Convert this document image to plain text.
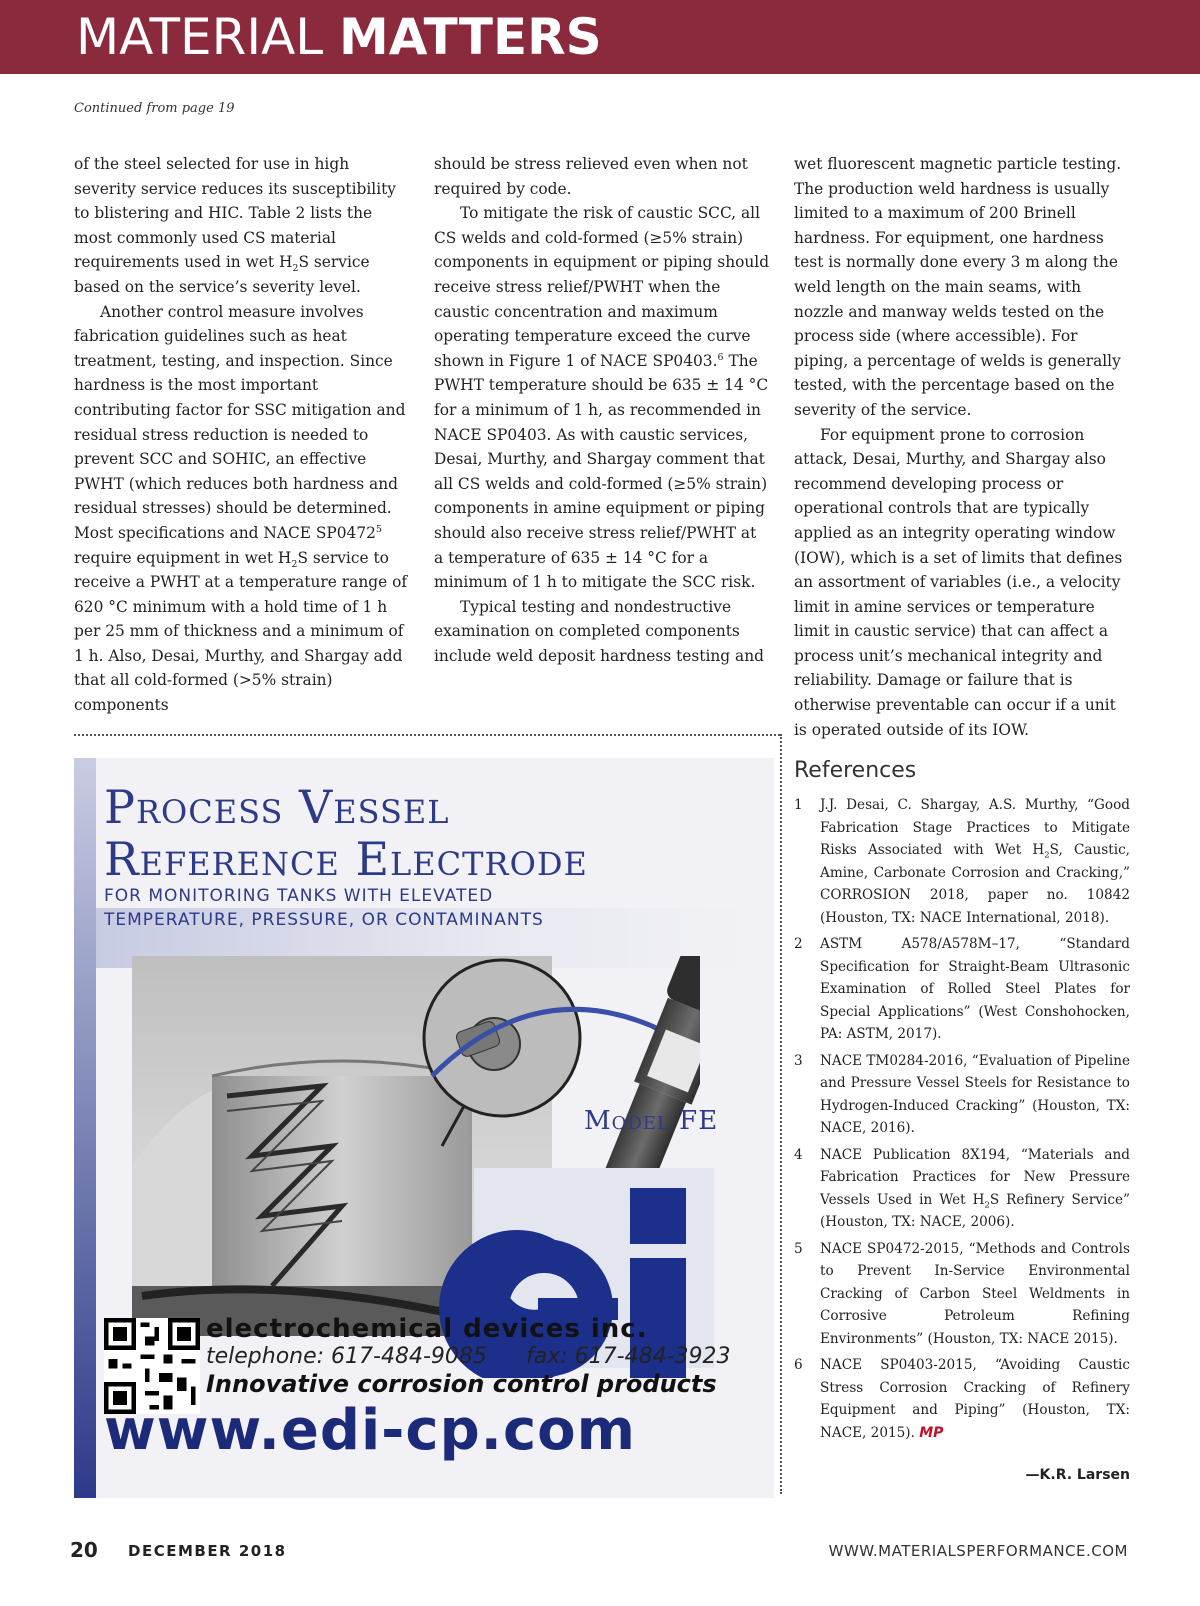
MATERIAL MATTERS
Continued from page 19

of the steel selected for use in high severity service reduces its susceptibility to blistering and HIC. Table 2 lists the most commonly used CS material requirements used in wet $H_2S$ service based on the service’s severity level.

Another control measure involves fabrication guidelines such as heat treatment, testing, and inspection. Since hardness is the most important contributing factor for SSC mitigation and residual stress reduction is needed to prevent SCC and SOHIC, an effective PWHT (which reduces both hardness and residual stresses) should be determined. Most specifications and NACE SP0472$^5$ require equipment in wet $H_2S$ service to receive a PWHT at a temperature range of 620 °C minimum with a hold time of 1 h per 25 mm of thickness and a minimum of 1 h. Also, Desai, Murthy, and Shargay add that all cold-formed (>5% strain) components

should be stress relieved even when not required by code.

To mitigate the risk of caustic SCC, all CS welds and cold-formed (≥5% strain) components in equipment or piping should receive stress relief/PWHT when the caustic concentration and maximum operating temperature exceed the curve shown in Figure 1 of NACE SP0403.$^6$ The PWHT temperature should be 635 ± 14 °C for a minimum of 1 h, as recommended in NACE SP0403. As with caustic services, Desai, Murthy, and Shargay comment that all CS welds and cold-formed (≥5% strain) components in amine equipment or piping should also receive stress relief/PWHT at a temperature of 635 ± 14 °C for a minimum of 1 h to mitigate the SCC risk.

Typical testing and nondestructive examination on completed components include weld deposit hardness testing and

wet fluorescent magnetic particle testing. The production weld hardness is usually limited to a maximum of 200 Brinell hardness. For equipment, one hardness test is normally done every 3 m along the weld length on the main seams, with nozzle and manway welds tested on the process side (where accessible). For piping, a percentage of welds is generally tested, with the percentage based on the severity of the service.

For equipment prone to corrosion attack, Desai, Murthy, and Shargay also recommend developing process or operational controls that are typically applied as an integrity operating window (IOW), which is a set of limits that defines an assortment of variables (i.e., a velocity limit in amine services or temperature limit in caustic service) that can affect a process unit’s mechanical integrity and reliability. Damage or failure that is otherwise preventable can occur if a unit is operated outside of its IOW.

References
1 J.J. Desai, C. Shargay, A.S. Murthy, “Good Fabrication Stage Practices to Mitigate Risks Associated with Wet $H_2S$, Caustic, Amine, Carbonate Corrosion and Cracking,” CORROSION 2018, paper no. 10842 (Houston, TX: NACE International, 2018).
2 ASTM A578/A578M–17, “Standard Specification for Straight-Beam Ultrasonic Examination of Rolled Steel Plates for Special Applications” (West Conshohocken, PA: ASTM, 2017).
3 NACE TM0284-2016, “Evaluation of Pipeline and Pressure Vessel Steels for Resistance to Hydrogen-Induced Cracking” (Houston, TX: NACE, 2016).
4 NACE Publication 8X194, “Materials and Fabrication Practices for New Pressure Vessels Used in Wet $H_2S$ Refinery Service” (Houston, TX: NACE, 2006).
5 NACE SP0472-2015, “Methods and Controls to Prevent In-Service Environmental Cracking of Carbon Steel Weldments in Corrosive Petroleum Refining Environments” (Houston, TX: NACE 2015).
6 NACE SP0403-2015, “Avoiding Caustic Stress Corrosion Cracking of Refinery Equipment and Piping” (Houston, TX: NACE, 2015). MP
—K.R. Larsen
Process Vessel
Reference Electrode
FOR MONITORING TANKS WITH ELEVATED
TEMPERATURE, PRESSURE, OR CONTAMINANTS
Model FE
electrochemical devices inc.
telephone: 617-484-9085 fax: 617-484-3923
Innovative corrosion control products
www.edi-cp.com
20 DECEMBER 2018	WWW.MATERIALSPERFORMANCE.COM
